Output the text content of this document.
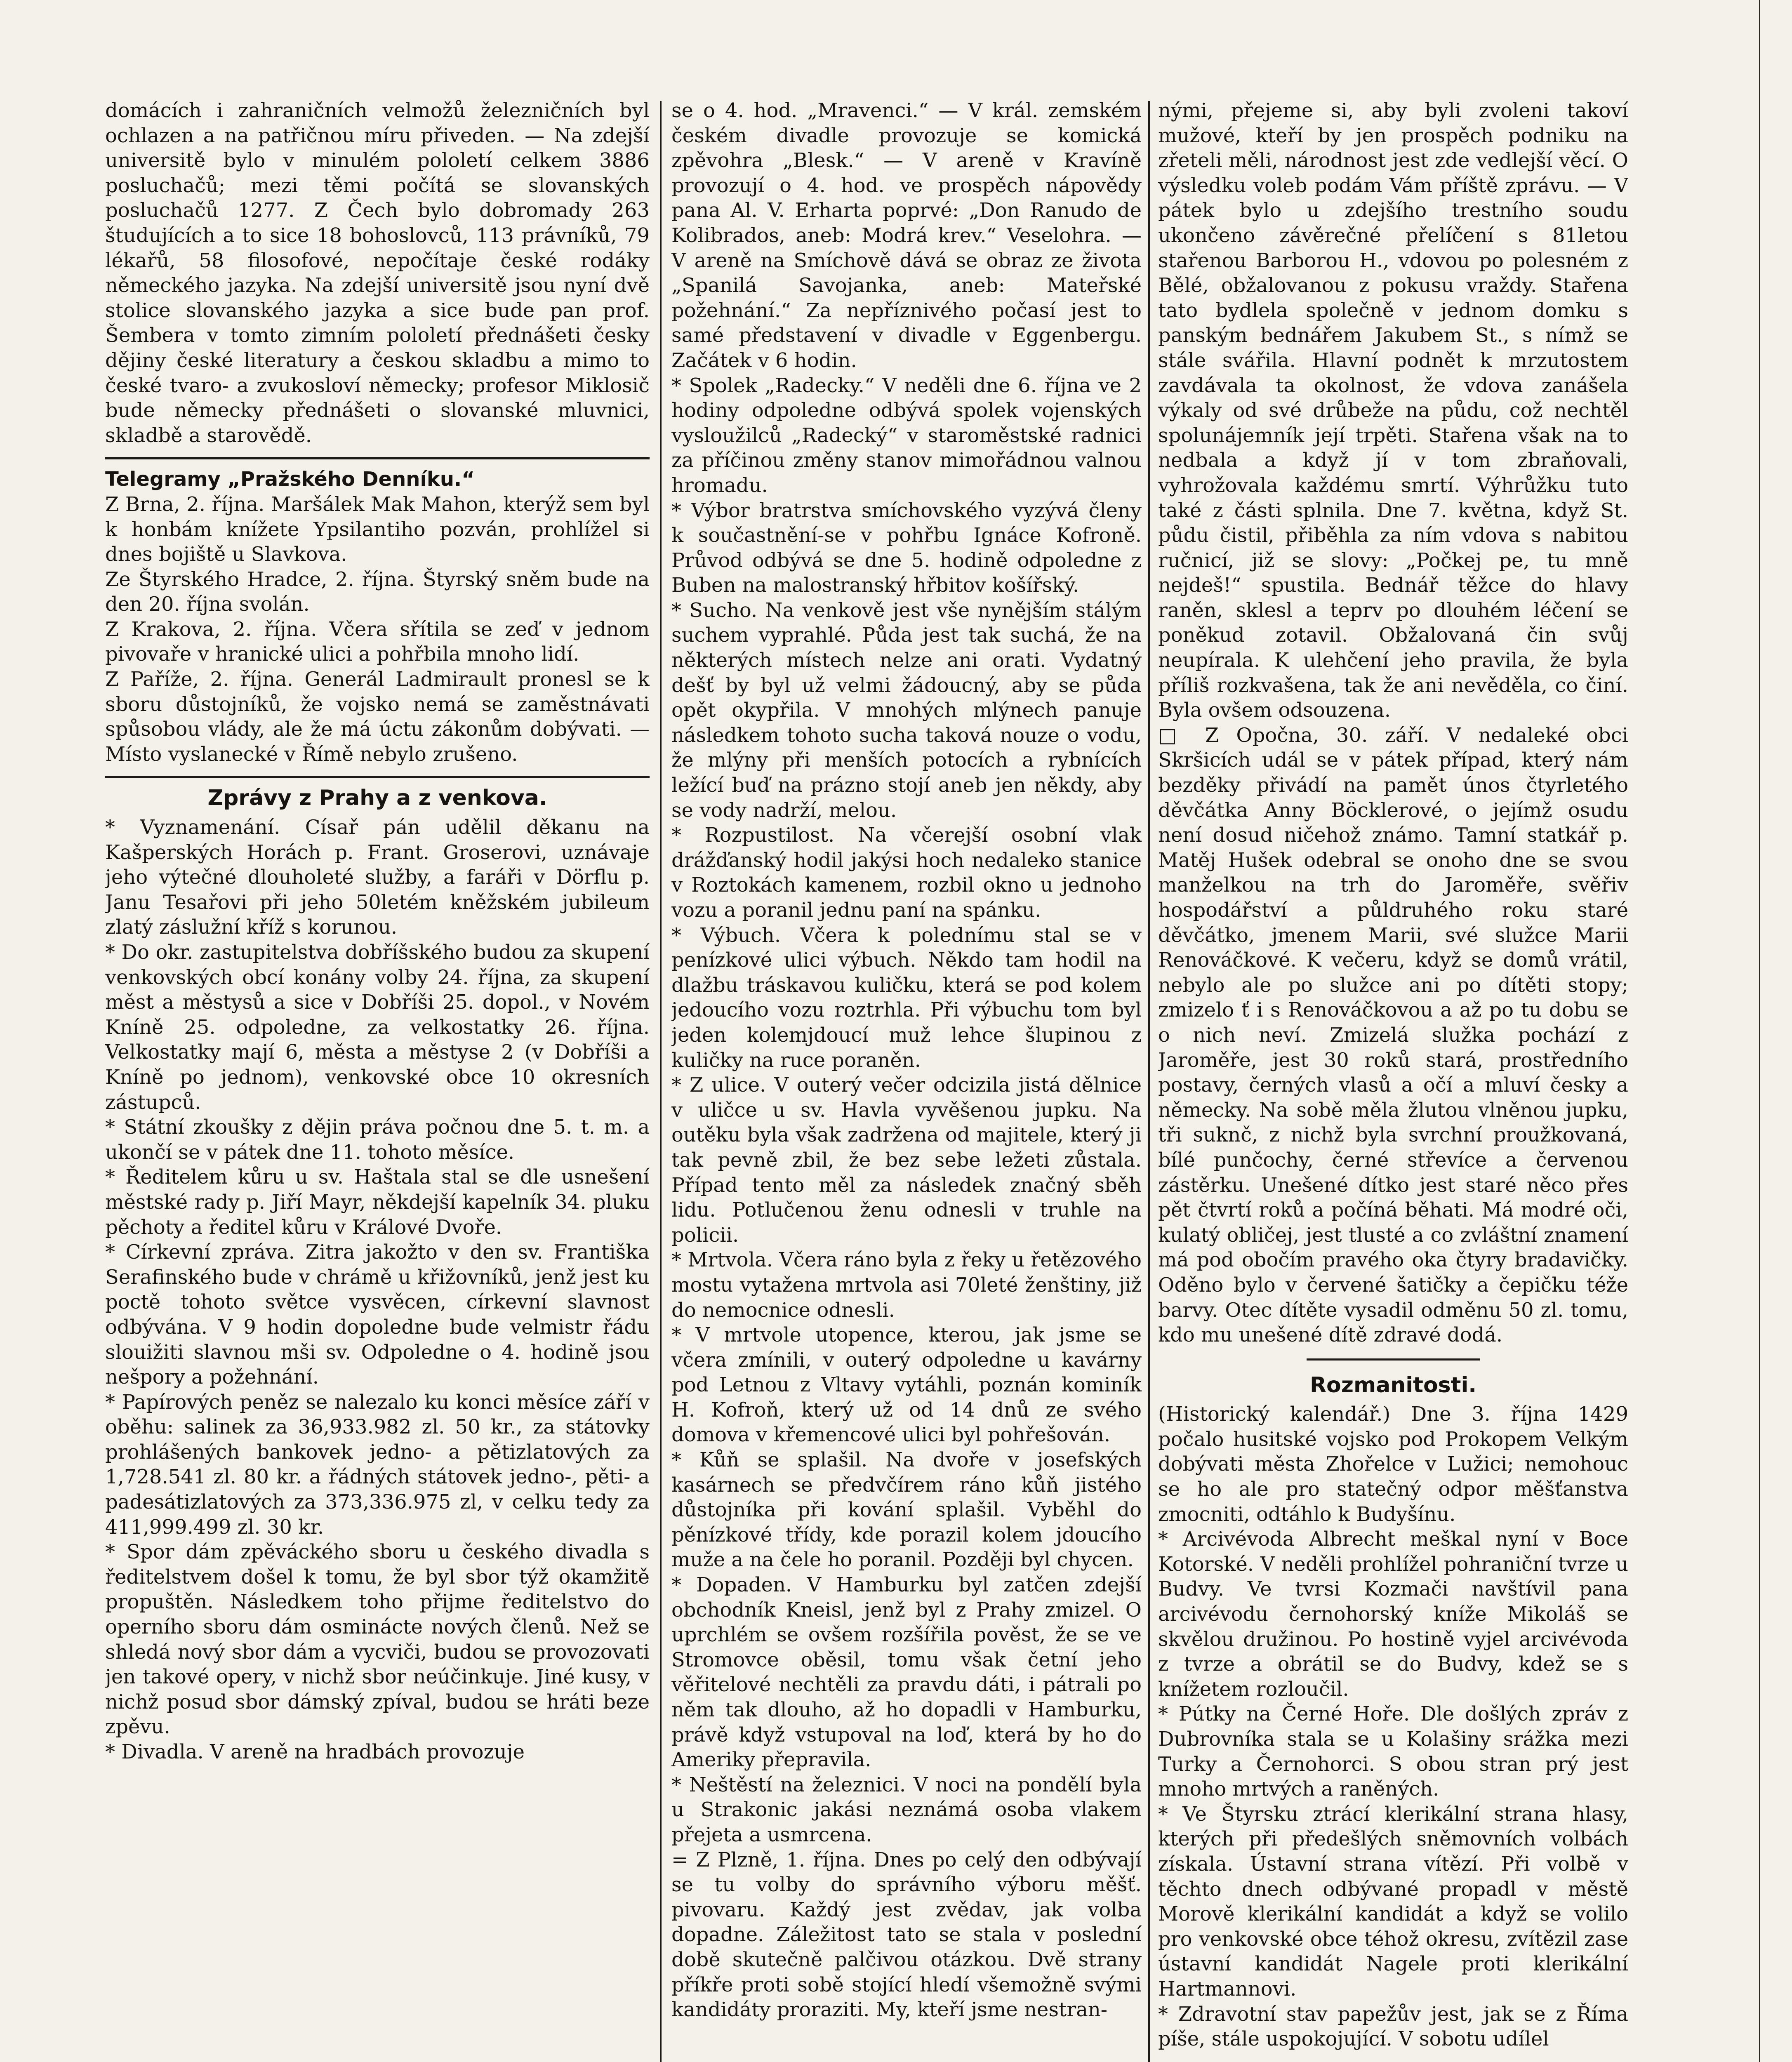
domácích i zahraničních velmožů železničních byl ochlazen a na patřičnou míru přiveden. — Na zdejší universitě bylo v minulém pololetí celkem 3886 posluchačů; mezi těmi počítá se slovanských posluchačů 1277. Z Čech bylo dobromady 263 študujících a to sice 18 bohoslovců, 113 právníků, 79 lékařů, 58 filosofové, nepočítaje české rodáky německého jazyka. Na zdejší universitě jsou nyní dvě stolice slovanského jazyka a sice bude pan prof. Šembera v tomto zimním pololetí přednášeti česky dějiny české literatury a českou skladbu a mimo to české tvaro- a zvukosloví německy; profesor Miklosič bude německy přednášeti o slovanské mluvnici, skladbě a starovědě.

Telegramy „Pražského Denníku.“

Z Brna, 2. října. Maršálek Mak Mahon, kterýž sem byl k honbám knížete Ypsilantiho pozván, prohlížel si dnes bojiště u Slavkova.

Ze Štyrského Hradce, 2. října. Štyrský sněm bude na den 20. října svolán.

Z Krakova, 2. října. Včera sřítila se zeď v jednom pivovaře v hranické ulici a pohřbila mnoho lidí.

Z Paříže, 2. října. Generál Ladmirault pronesl se k sboru důstojníků, že vojsko nemá se zaměstnávati spůsobou vlády, ale že má úctu zákonům dobývati. — Místo vyslanecké v Římě nebylo zrušeno.

Zprávy z Prahy a z venkova.

* Vyznamenání. Císař pán udělil děkanu na Kašperských Horách p. Frant. Groserovi, uznávaje jeho výtečné dlouholeté služby, a faráři v Dörflu p. Janu Tesařovi při jeho 50letém kněžském jubileum zlatý záslužní kříž s korunou.

* Do okr. zastupitelstva dobříšského budou za skupení venkovských obcí konány volby 24. října, za skupení měst a městysů a sice v Dobříši 25. dopol., v Novém Kníně 25. odpoledne, za velkostatky 26. října. Velkostatky mají 6, města a městyse 2 (v Dobříši a Kníně po jednom), venkovské obce 10 okresních zástupců.

* Státní zkoušky z dějin práva počnou dne 5. t. m. a ukončí se v pátek dne 11. tohoto měsíce.

* Ředitelem kůru u sv. Haštala stal se dle usnešení městské rady p. Jiří Mayr, někdejší kapelník 34. pluku pěchoty a ředitel kůru v Králové Dvoře.

* Církevní zpráva. Zitra jakožto v den sv. Františka Serafinského bude v chrámě u křižovníků, jenž jest ku poctě tohoto světce vysvěcen, církevní slavnost odbývána. V 9 hodin dopoledne bude velmistr řádu slouižiti slavnou mši sv. Odpoledne o 4. hodině jsou nešpory a požehnání.

* Papírových peněz se nalezalo ku konci měsíce září v oběhu: salinek za 36,933.982 zl. 50 kr., za státovky prohlášených bankovek jedno- a pětizlatových za 1,728.541 zl. 80 kr. a řádných státovek jedno-, pěti- a padesátizlatových za 373,336.975 zl, v celku tedy za 411,999.499 zl. 30 kr.

* Spor dám zpěváckého sboru u českého divadla s ředitelstvem došel k tomu, že byl sbor týž okamžitě propuštěn. Následkem toho přijme ředitelstvo do operního sboru dám osminácte nových členů. Než se shledá nový sbor dám a vycviči, budou se provozovati jen takové opery, v nichž sbor neúčinkuje. Jiné kusy, v nichž posud sbor dámský zpíval, budou se hráti beze zpěvu.

* Divadla. V areně na hradbách provozuje

se o 4. hod. „Mravenci.“ — V král. zemském českém divadle provozuje se komická zpěvohra „Blesk.“ — V areně v Kravíně provozují o 4. hod. ve prospěch nápovědy pana Al. V. Erharta poprvé: „Don Ranudo de Kolibrados, aneb: Modrá krev.“ Veselohra. — V areně na Smíchově dává se obraz ze života „Spanilá Savojanka, aneb: Mateřské požehnání.“ Za nepříznivého počasí jest to samé představení v divadle v Eggenbergu. Začátek v 6 hodin.

* Spolek „Radecky.“ V neděli dne 6. října ve 2 hodiny odpoledne odbývá spolek vojenských vysloužilců „Radecký“ v staroměstské radnici za příčinou změny stanov mimořádnou valnou hromadu.

* Výbor bratrstva smíchovského vyzývá členy k součastnění-se v pohřbu Ignáce Kofroně. Průvod odbývá se dne 5. hodině odpoledne z Buben na malostranský hřbitov košířský.

* Sucho. Na venkově jest vše nynějším stálým suchem vyprahlé. Půda jest tak suchá, že na některých místech nelze ani orati. Vydatný dešť by byl už velmi žádoucný, aby se půda opět okypřila. V mnohých mlýnech panuje následkem tohoto sucha taková nouze o vodu, že mlýny při menších potocích a rybnících ležící buď na prázno stojí aneb jen někdy, aby se vody nadrží, melou.

* Rozpustilost. Na včerejší osobní vlak drážďanský hodil jakýsi hoch nedaleko stanice v Roztokách kamenem, rozbil okno u jednoho vozu a poranil jednu paní na spánku.

* Výbuch. Včera k polednímu stal se v penízkové ulici výbuch. Někdo tam hodil na dlažbu tráskavou kuličku, která se pod kolem jedoucího vozu roztrhla. Při výbuchu tom byl jeden kolemjdoucí muž lehce šlupinou z kuličky na ruce poraněn.

* Z ulice. V outerý večer odcizila jistá dělnice v uličce u sv. Havla vyvěšenou jupku. Na outěku byla však zadržena od majitele, který ji tak pevně zbil, že bez sebe ležeti zůstala. Případ tento měl za následek značný sběh lidu. Potlučenou ženu odnesli v truhle na policii.

* Mrtvola. Včera ráno byla z řeky u řetězového mostu vytažena mrtvola asi 70leté ženštiny, již do nemocnice odnesli.

* V mrtvole utopence, kterou, jak jsme se včera zmínili, v outerý odpoledne u kavárny pod Letnou z Vltavy vytáhli, poznán kominík H. Kofroň, který už od 14 dnů ze svého domova v křemencové ulici byl pohřešován.

* Kůň se splašil. Na dvoře v josefských kasárnech se předvčírem ráno kůň jistého důstojníka při kování splašil. Vyběhl do pěnízkové třídy, kde porazil kolem jdoucího muže a na čele ho poranil. Později byl chycen.

* Dopaden. V Hamburku byl zatčen zdejší obchodník Kneisl, jenž byl z Prahy zmizel. O uprchlém se ovšem rozšířila pověst, že se ve Stromovce oběsil, tomu však četní jeho věřitelové nechtěli za pravdu dáti, i pátrali po něm tak dlouho, až ho dopadli v Hamburku, právě když vstupoval na loď, která by ho do Ameriky přepravila.

* Neštěstí na železnici. V noci na pondělí byla u Strakonic jakási neznámá osoba vlakem přejeta a usmrcena.

= Z Plzně, 1. října. Dnes po celý den odbývají se tu volby do správního výboru měšť. pivovaru. Každý jest zvědav, jak volba dopadne. Záležitost tato se stala v poslední době skutečně palčivou otázkou. Dvě strany příkře proti sobě stojící hledí všemožně svými kandidáty proraziti. My, kteří jsme nestran-

nými, přejeme si, aby byli zvoleni takoví mužové, kteří by jen prospěch podniku na zřeteli měli, národnost jest zde vedlejší věcí. O výsledku voleb podám Vám příště zprávu. — V pátek bylo u zdejšího trestního soudu ukončeno závěrečné přelíčení s 81letou stařenou Barborou H., vdovou po polesném z Bělé, obžalovanou z pokusu vraždy. Stařena tato bydlela společně v jednom domku s panským bednářem Jakubem St., s nímž se stále svářila. Hlavní podnět k mrzutostem zavdávala ta okolnost, že vdova zanášela výkaly od své drůbeže na půdu, což nechtěl spolunájemník její trpěti. Stařena však na to nedbala a když jí v tom zbraňovali, vyhrožovala každému smrtí. Výhrůžku tuto také z části splnila. Dne 7. května, když St. půdu čistil, přiběhla za ním vdova s nabitou ručnicí, již se slovy: „Počkej pe, tu mně nejdeš!“ spustila. Bednář těžce do hlavy raněn, sklesl a teprv po dlouhém léčení se poněkud zotavil. Obžalovaná čin svůj neupírala. K ulehčení jeho pravila, že byla příliš rozkvašena, tak že ani nevěděla, co činí. Byla ovšem odsouzena.

□ Z Opočna, 30. září. V nedaleké obci Skršicích udál se v pátek případ, který nám bezděky přivádí na pamět únos čtyrletého děvčátka Anny Böcklerové, o jejímž osudu není dosud ničehož známo. Tamní statkář p. Matěj Hušek odebral se onoho dne se svou manželkou na trh do Jaroměře, svěřiv hospodářství a půldruhého roku staré děvčátko, jmenem Marii, své služce Marii Renováčkové. K večeru, když se domů vrátil, nebylo ale po služce ani po dítěti stopy; zmizelo ť i s Renováčkovou a až po tu dobu se o nich neví. Zmizelá služka pochází z Jaroměře, jest 30 roků stará, prostředního postavy, černých vlasů a očí a mluví česky a německy. Na sobě měla žlutou vlněnou jupku, tři suknč, z nichž byla svrchní proužkovaná, bílé punčochy, černé střevíce a červenou zástěrku. Unešené dítko jest staré něco přes pět čtvrtí roků a počíná běhati. Má modré oči, kulatý obličej, jest tlusté a co zvláštní znamení má pod obočím pravého oka čtyry bradavičky. Oděno bylo v červené šatičky a čepičku téže barvy. Otec dítěte vysadil odměnu 50 zl. tomu, kdo mu unešené dítě zdravé dodá.

Rozmanitosti.

(Historický kalendář.) Dne 3. října 1429 počalo husitské vojsko pod Prokopem Velkým dobývati města Zhořelce v Lužici; nemohouc se ho ale pro statečný odpor měšťanstva zmocniti, odtáhlo k Budyšínu.

* Arcivévoda Albrecht meškal nyní v Boce Kotorské. V neděli prohlížel pohraniční tvrze u Budvy. Ve tvrsi Kozmači navštívil pana arcivévodu černohorský kníže Mikoláš se skvělou družinou. Po hostině vyjel arcivévoda z tvrze a obrátil se do Budvy, kdež se s knížetem rozloučil.

* Pútky na Černé Hoře. Dle došlých zpráv z Dubrovníka stala se u Kolašiny srážka mezi Turky a Černohorci. S obou stran prý jest mnoho mrtvých a raněných.

* Ve Štyrsku ztrácí klerikální strana hlasy, kterých při předešlých sněmovních volbách získala. Ústavní strana vítězí. Při volbě v těchto dnech odbývané propadl v městě Morově klerikální kandidát a když se volilo pro venkovské obce téhož okresu, zvítězil zase ústavní kandidát Nagele proti klerikální Hartmannovi.

* Zdravotní stav papežův jest, jak se z Říma píše, stále uspokojující. V sobotu udílel
